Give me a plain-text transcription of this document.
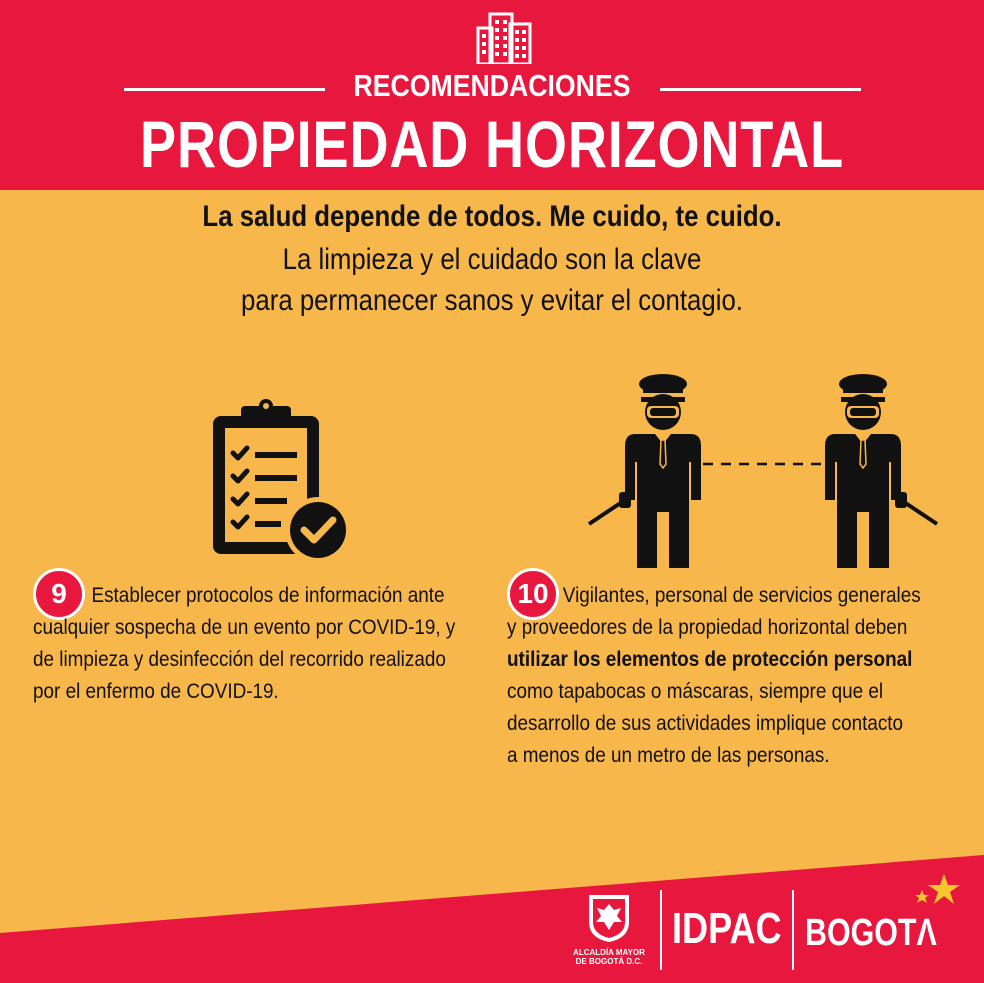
RECOMENDACIONES
PROPIEDAD HORIZONTAL
La salud depende de todos. Me cuido, te cuido.
La limpieza y el cuidado son la clave
para permanecer sanos y evitar el contagio.
9	Establecer protocolos de información ante
cualquier sospecha de un evento por COVID-19, y
de limpieza y desinfección del recorrido realizado
por el enfermo de COVID-19.
10 Vigilantes, personal de servicios generales
y proveedores de la propiedad horizontal deben
utilizar los elementos de protección personal
como tapabocas o máscaras, siempre que el
desarrollo de sus actividades implique contacto
a menos de un metro de las personas.
ALCALDÍA MAYOR
DE BOGOTÁ D.C.
IDPAC BOGOTΛ
